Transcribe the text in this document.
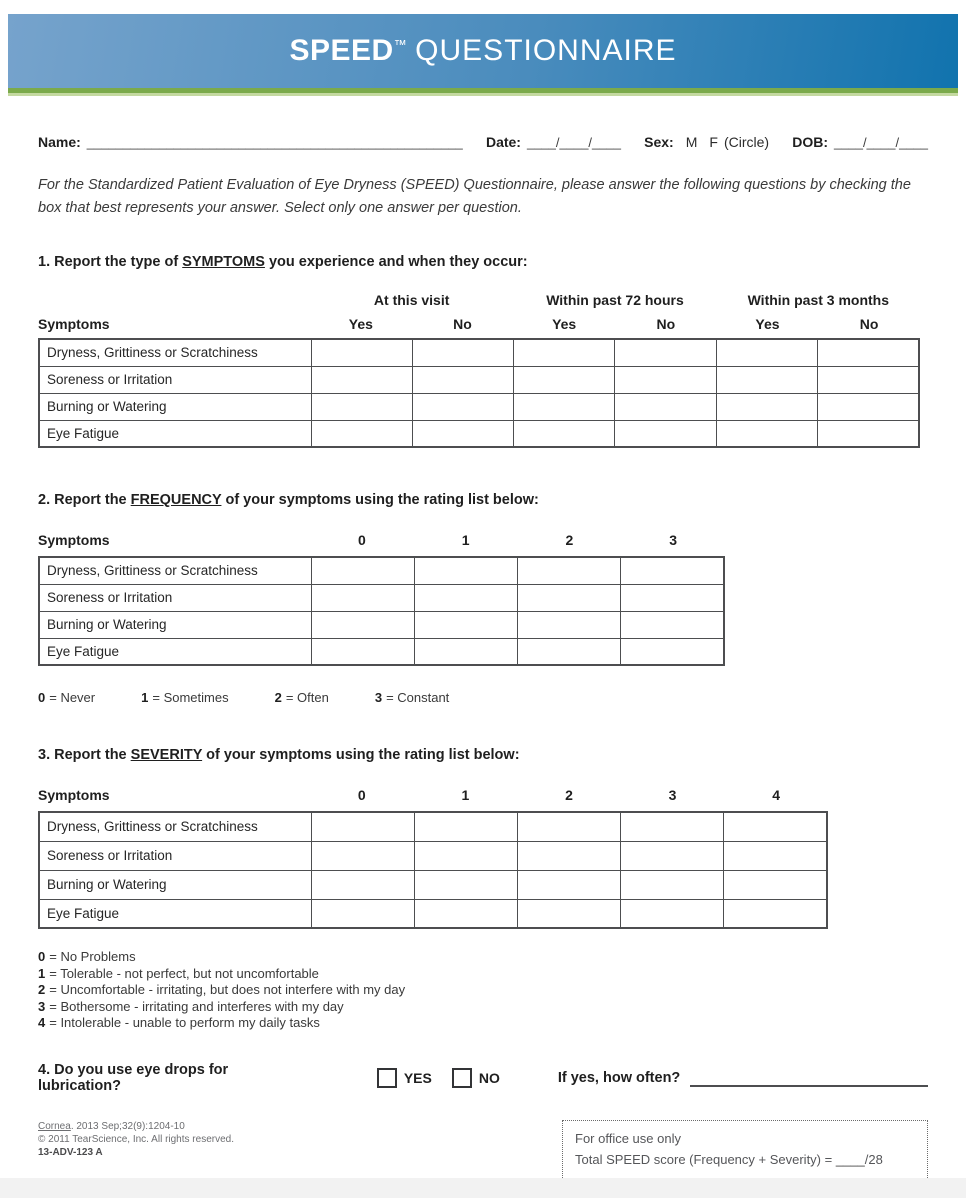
SPEED™ QUESTIONNAIRE
Name: ____________________________________________________ Date: ____/____/____ Sex: M F (Circle) DOB: ____/____/____
For the Standardized Patient Evaluation of Eye Dryness (SPEED) Questionnaire, please answer the following questions by checking the box that best represents your answer. Select only one answer per question.
1. Report the type of SYMPTOMS you experience and when they occur:
At this visit	Within past 72 hours	Within past 3 months
Symptoms	Yes	No	Yes	No	Yes	No
Dryness, Grittiness or Scratchiness						
Soreness or Irritation						
Burning or Watering						
Eye Fatigue						
2. Report the FREQUENCY of your symptoms using the rating list below:
Symptoms	0	1	2	3
Dryness, Grittiness or Scratchiness				
Soreness or Irritation				
Burning or Watering				
Eye Fatigue				
0 = Never	1 = Sometimes	2 = Often	3 = Constant
3. Report the SEVERITY of your symptoms using the rating list below:
Symptoms	0	1	2	3	4
Dryness, Grittiness or Scratchiness					
Soreness or Irritation					
Burning or Watering					
Eye Fatigue					
0 = No Problems
1 = Tolerable - not perfect, but not uncomfortable
2 = Uncomfortable - irritating, but does not interfere with my day
3 = Bothersome - irritating and interferes with my day
4 = Intolerable - unable to perform my daily tasks
4. Do you use eye drops for lubrication?	YES	NO	If yes, how often?
Cornea. 2013 Sep;32(9):1204-10
© 2011 TearScience, Inc. All rights reserved.
13-ADV-123 A
For office use only
Total SPEED score (Frequency + Severity) = ____/28
